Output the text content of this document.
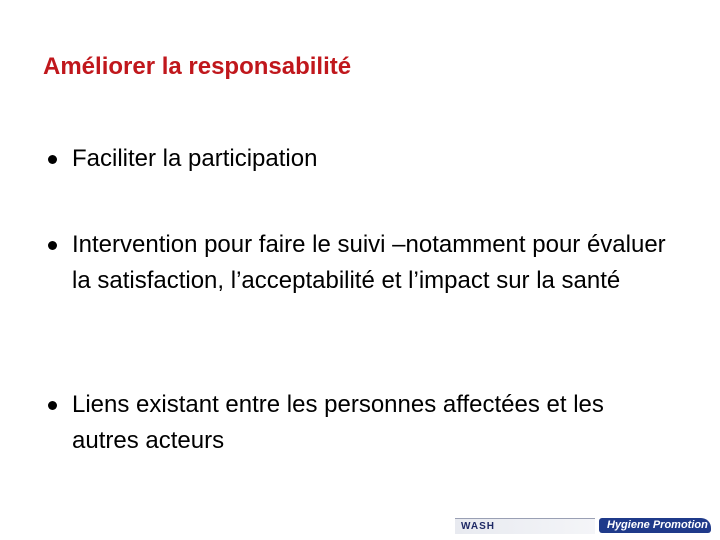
Améliorer la responsabilité
Faciliter la participation
Intervention pour faire le suivi –notamment pour évaluer la satisfaction, l’acceptabilité et l’impact sur la santé
Liens existant entre les personnes affectées et les autres acteurs
WASH	Hygiene Promotion
